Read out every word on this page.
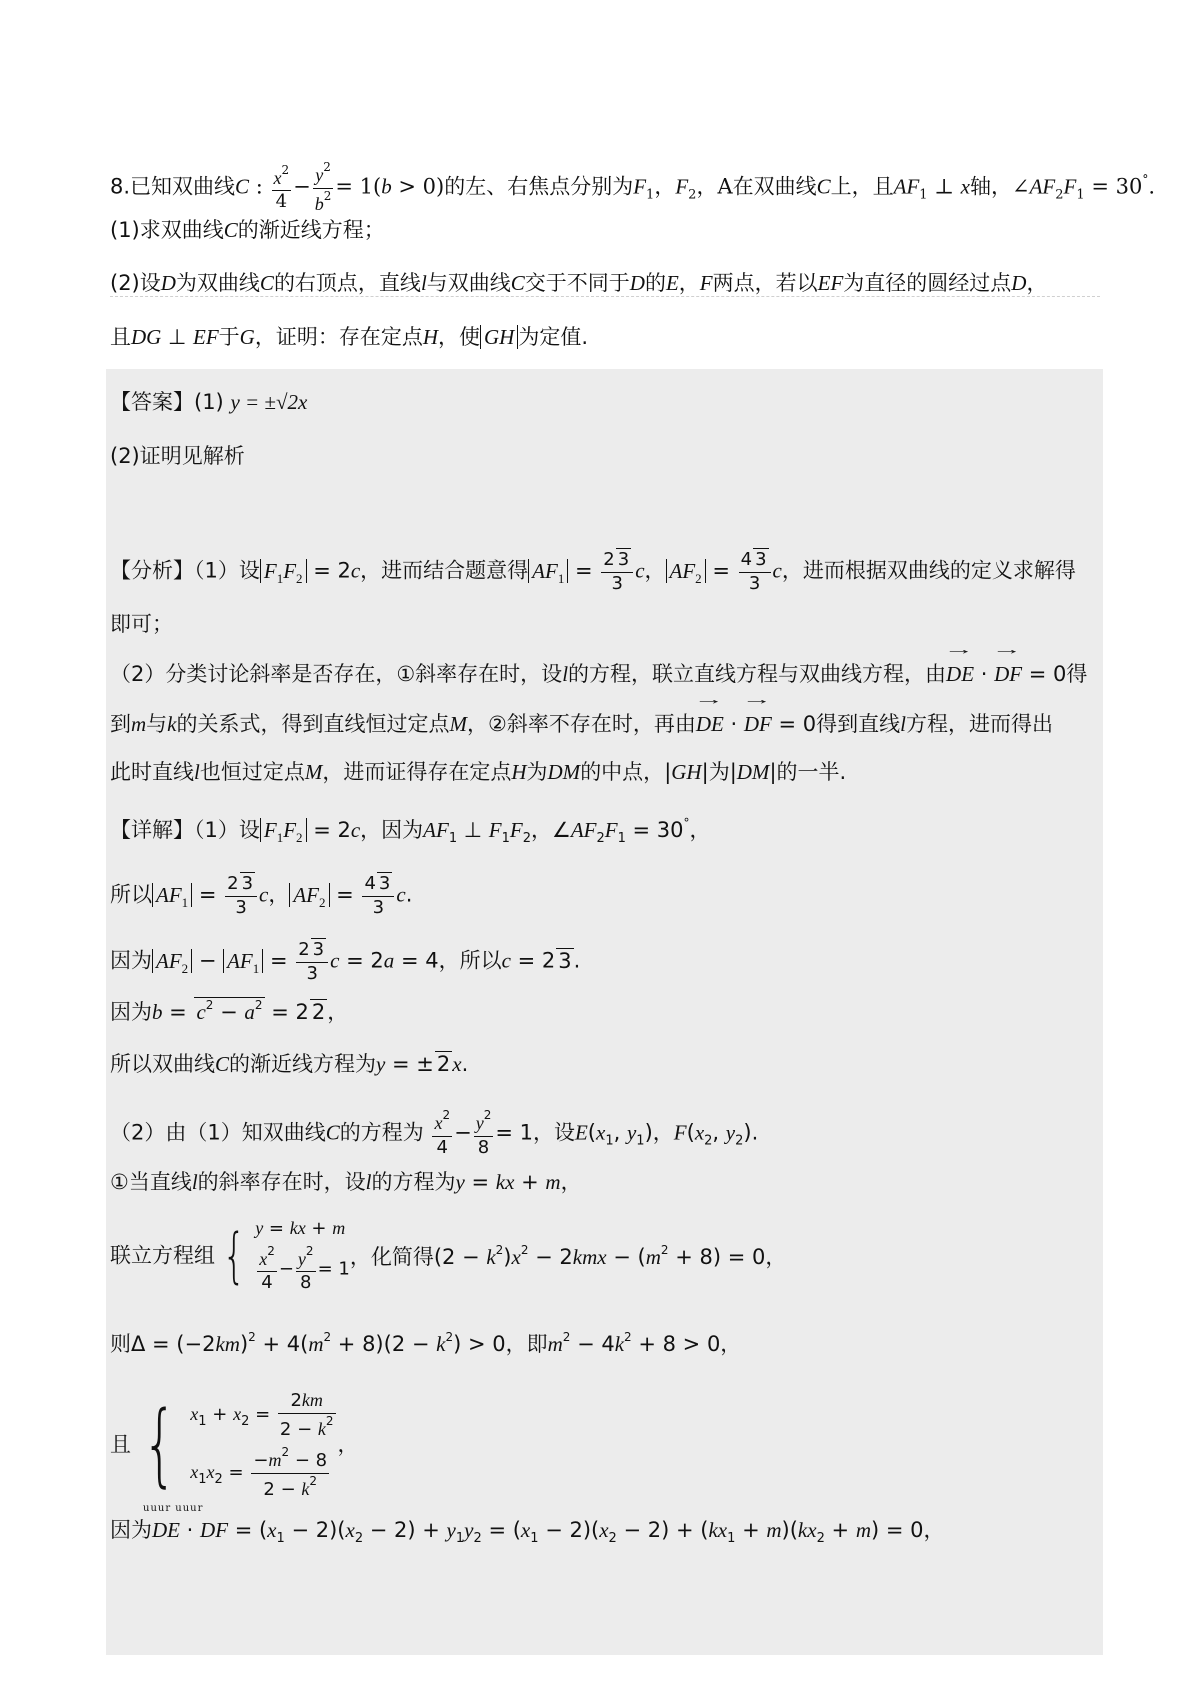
8.已知双曲线C : $\frac{x^2}{4} - \frac{y^2}{b^2} = 1(b > 0)$的左、右焦点分别为$F_1$，$F_2$，A在双曲线C上，且$AF_1$ ⊥ x轴，$\angle AF_2F_1 = 30^\circ$.
(1)求双曲线C的渐近线方程；
(2)设D为双曲线C的右顶点，直线l与双曲线C交于不同于D的E，F两点，若以EF为直径的圆经过点D，
且DG ⊥ EF于G，证明：存在定点H，使 GH 为定值.
【答案】(1) y = ±√2x
(2)证明见解析
【分析】（1）设 $F_1F_2 = 2c$，进而结合题意得 $AF_1 = \frac{2 3}{3}$ c， $AF_2 = \frac{4 3}{3}$ c，进而根据双曲线的定义求解得
即可；
（2）分类讨论斜率是否存在，①斜率存在时，设l的方程，联立直线方程与双曲线方程，由→ DE · → DF = 0得
到m与k的关系式，得到直线恒过定点M，②斜率不存在时，再由→ DE · → DF = 0得到直线l方程，进而得出
此时直线l也恒过定点M，进而证得存在定点H为DM的中点，|GH|为|DM|的一半.
【详解】（1）设 $F_1F_2 = 2c$，因为$AF_1$ ⊥ $F_1F_2$，$\angle AF_2F_1 = 30^\circ$，
所以 $AF_1 = \frac{2 3}{3}$ c， $AF_2 = \frac{4 3}{3} c$.
因为 $AF_2 - AF_1 = \frac{2 3}{3}$ c = 2a = 4，所以c = 2 3.
因为$b = c^2 - a^2 = 2$ 2，
所以双曲线C的渐近线方程为y = ± 2x.
（2）由（1）知双曲线C的方程为 $\frac{x^2}{4} - \frac{y^2}{8} = 1$，设$E(x_1$, $y_1$)，$F(x_2$, $y_2$).
①当直线l的斜率存在时，设l的方程为y = kx + m，
联立方程组 { y = kx + m
$\frac{x^2}{4} - \frac{y^2}{8} = 1$ ，化简得$(2 - k^2)x^2 - 2kmx - (m^2 + 8) = 0$，
则$\Delta = (-2km)^2 + 4(m^2 + 8)(2 - k^2) > 0$，即$m^2 - 4k^2 + 8 > 0$，
且 { $x_1 + x_2 = \frac{2km}{2 - k^2}$
$x_1x_2 = \frac{-m^2 - 8}{2 - k^2}$
，
uuur uuur
因为DE · DF = $(x_1 - 2)(x_2 - 2) + y_1y_2 = (x_1 - 2)(x_2 - 2) + (kx_1 + m)(kx_2 + m) = 0$，
